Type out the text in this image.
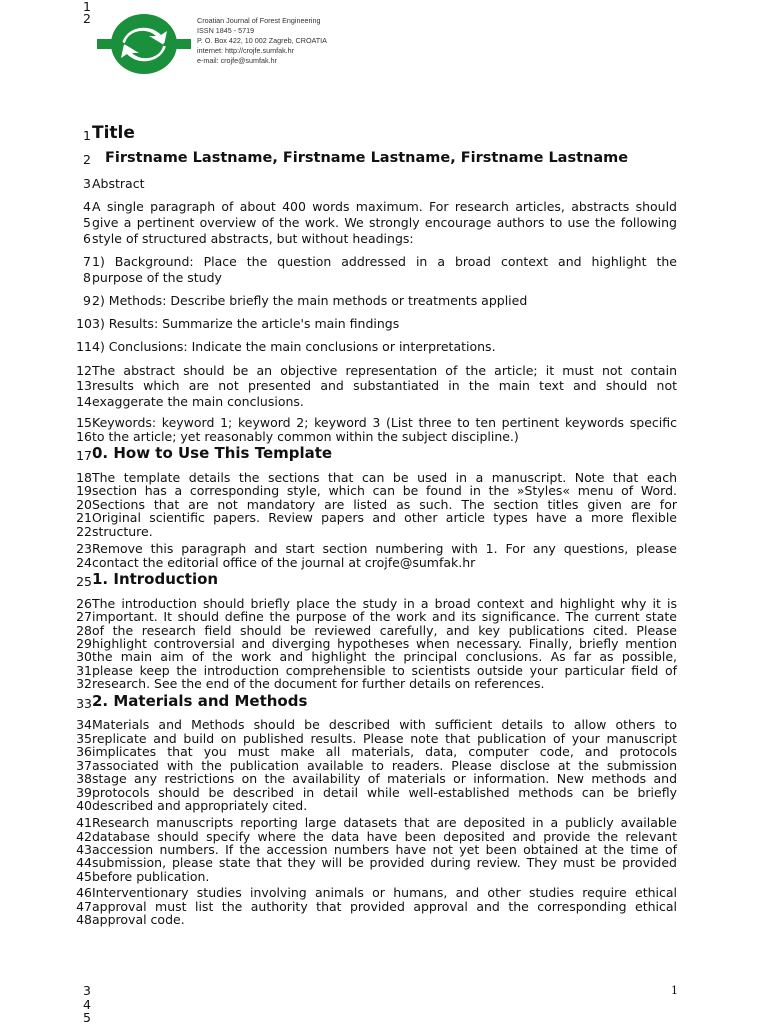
1
2	Croatian Journal of Forest Engineering
ISSN 1845 - 5719
P. O. Box 422, 10 002 Zagreb, CROATIA
internet: http://crojfe.sumfak.hr
e-mail: crojfe@sumfak.hr
1 Title
2 Firstname Lastname, Firstname Lastname, Firstname Lastname
3 Abstract
4 A single paragraph of about 400 words maximum. For research articles, abstracts should
5 give a pertinent overview of the work. We strongly encourage authors to use the following
6 style of structured abstracts, but without headings:
7 1) Background: Place the question addressed in a broad context and highlight the
8 purpose of the study
9 2) Methods: Describe briefly the main methods or treatments applied
10 3) Results: Summarize the article's main findings
11 4) Conclusions: Indicate the main conclusions or interpretations.
12 The abstract should be an objective representation of the article; it must not contain
13 results which are not presented and substantiated in the main text and should not
14 exaggerate the main conclusions.
15 Keywords: keyword 1; keyword 2; keyword 3 (List three to ten pertinent keywords specific
16 to the article; yet reasonably common within the subject discipline.)
17 0. How to Use This Template
18 The template details the sections that can be used in a manuscript. Note that each
19 section has a corresponding style, which can be found in the »Styles« menu of Word.
20 Sections that are not mandatory are listed as such. The section titles given are for
21 Original scientific papers. Review papers and other article types have a more flexible
22 structure.
23 Remove this paragraph and start section numbering with 1. For any questions, please
24 contact the editorial office of the journal at crojfe@sumfak.hr
25 1. Introduction
26 The introduction should briefly place the study in a broad context and highlight why it is
27 important. It should define the purpose of the work and its significance. The current state
28 of the research field should be reviewed carefully, and key publications cited. Please
29 highlight controversial and diverging hypotheses when necessary. Finally, briefly mention
30 the main aim of the work and highlight the principal conclusions. As far as possible,
31 please keep the introduction comprehensible to scientists outside your particular field of
32 research. See the end of the document for further details on references.
33 2. Materials and Methods
34 Materials and Methods should be described with sufficient details to allow others to
35 replicate and build on published results. Please note that publication of your manuscript
36 implicates that you must make all materials, data, computer code, and protocols
37 associated with the publication available to readers. Please disclose at the submission
38 stage any restrictions on the availability of materials or information. New methods and
39 protocols should be described in detail while well-established methods can be briefly
40 described and appropriately cited.
41 Research manuscripts reporting large datasets that are deposited in a publicly available
42 database should specify where the data have been deposited and provide the relevant
43 accession numbers. If the accession numbers have not yet been obtained at the time of
44 submission, please state that they will be provided during review. They must be provided
45 before publication.
46 Interventionary studies involving animals or humans, and other studies require ethical
47 approval must list the authority that provided approval and the corresponding ethical
48 approval code.
3
4
5
1
